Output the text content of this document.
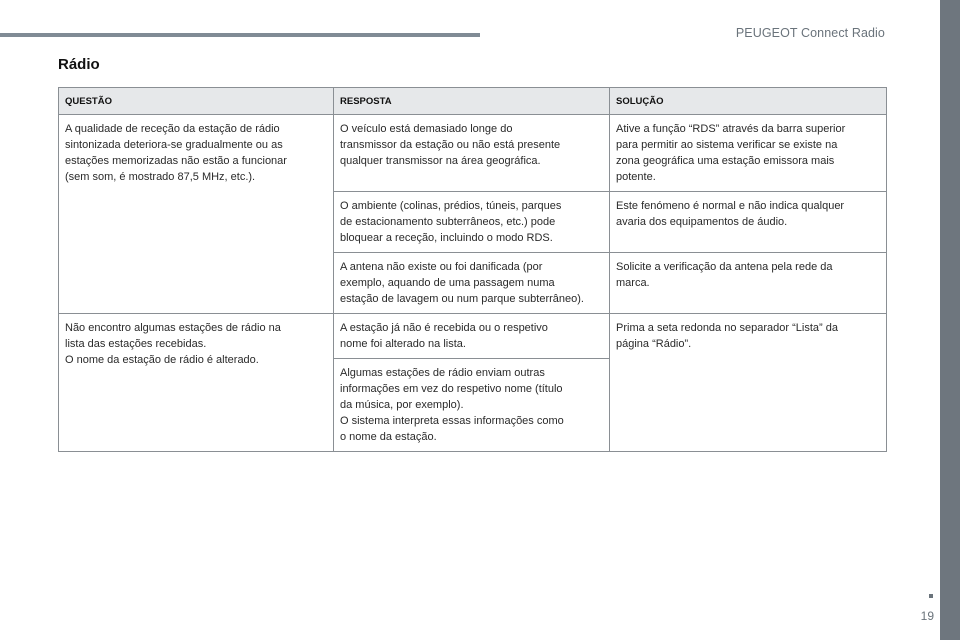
PEUGEOT Connect Radio
Rádio
QUESTÃO	RESPOSTA	SOLUÇÃO
A qualidade de receção da estação de rádio
sintonizada deteriora-se gradualmente ou as
estações memorizadas não estão a funcionar
(sem som, é mostrado 87,5 MHz, etc.).	O veículo está demasiado longe do
transmissor da estação ou não está presente
qualquer transmissor na área geográfica.	Ative a função “RDS” através da barra superior
para permitir ao sistema verificar se existe na
zona geográfica uma estação emissora mais
potente.
	O ambiente (colinas, prédios, túneis, parques
de estacionamento subterrâneos, etc.) pode
bloquear a receção, incluindo o modo RDS.	Este fenómeno é normal e não indica qualquer
avaria dos equipamentos de áudio.
	A antena não existe ou foi danificada (por
exemplo, aquando de uma passagem numa
estação de lavagem ou num parque subterrâneo).	Solicite a verificação da antena pela rede da
marca.
Não encontro algumas estações de rádio na
lista das estações recebidas.
O nome da estação de rádio é alterado.	A estação já não é recebida ou o respetivo
nome foi alterado na lista.	Prima a seta redonda no separador “Lista” da
página “Rádio”.
	Algumas estações de rádio enviam outras
informações em vez do respetivo nome (título
da música, por exemplo).
O sistema interpreta essas informações como
o nome da estação.	
19
